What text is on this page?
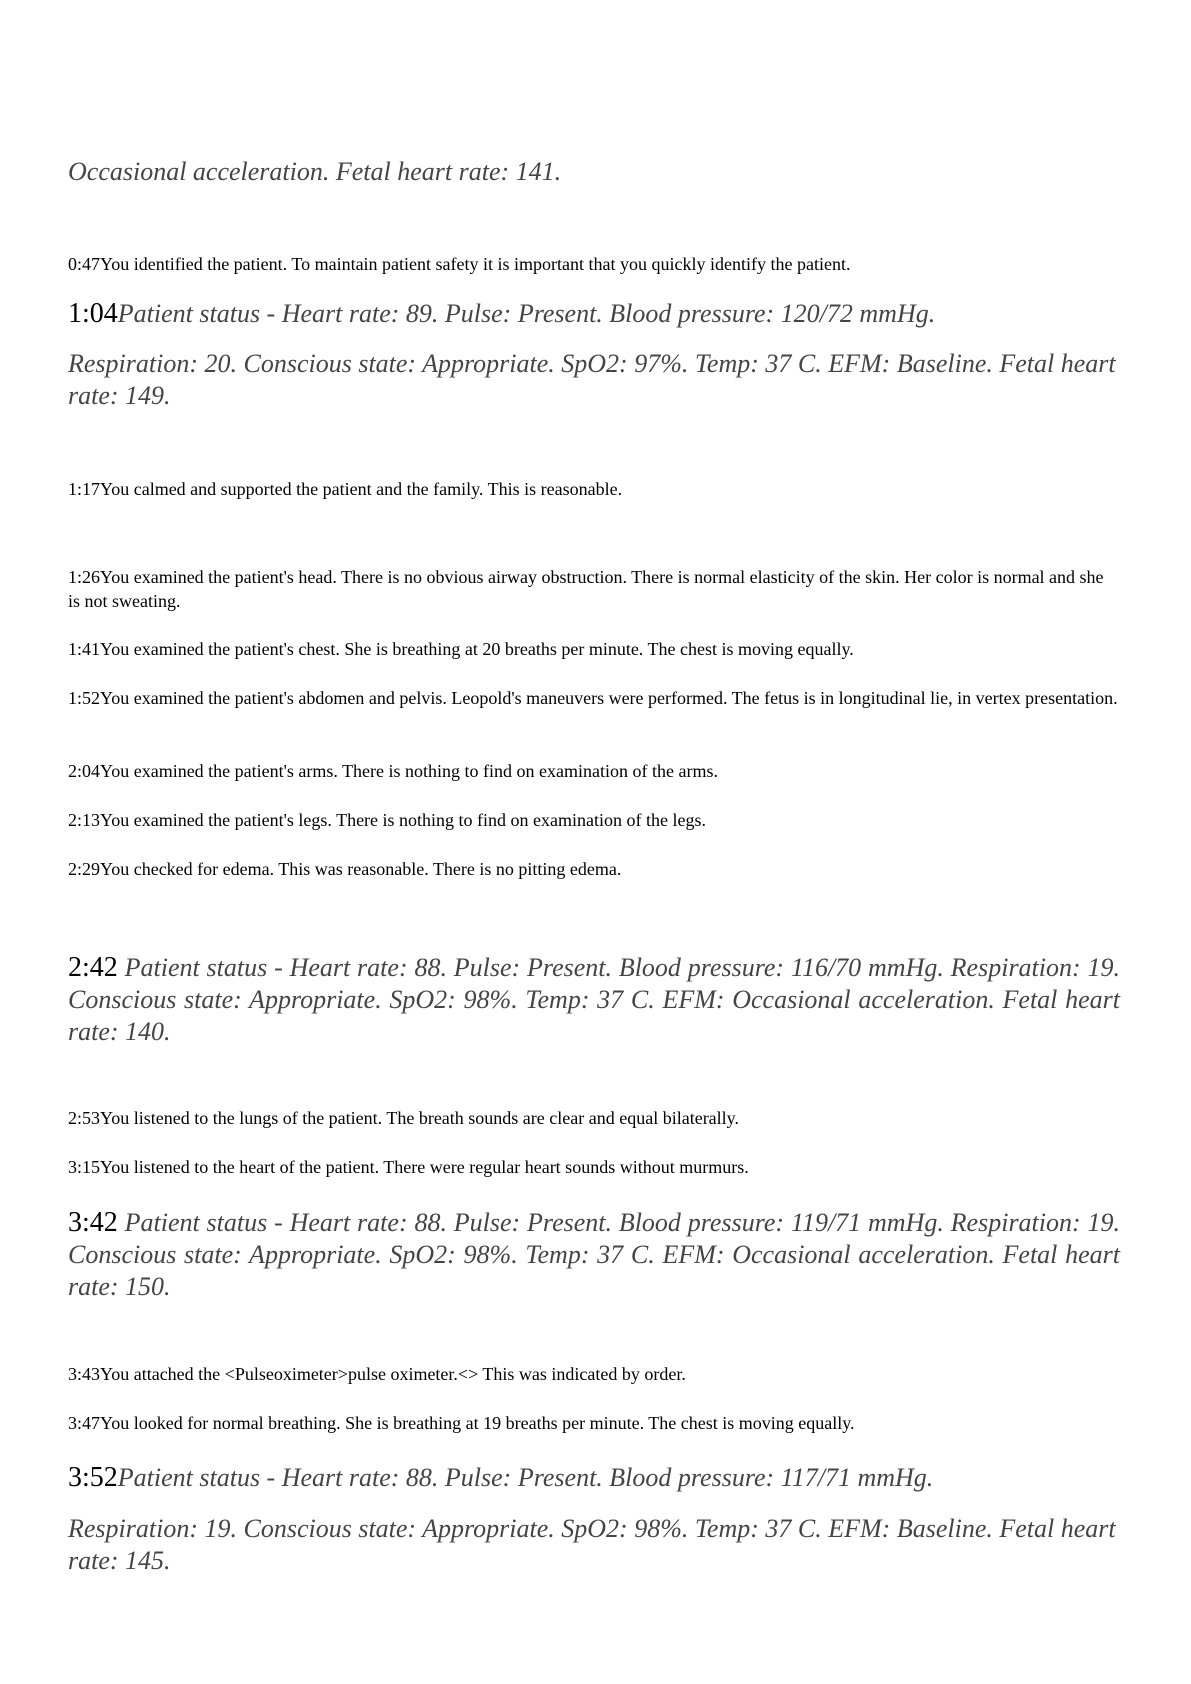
Occasional acceleration. Fetal heart rate: 141.
0:47You identified the patient. To maintain patient safety it is important that you quickly identify the patient.
1:04Patient status - Heart rate: 89. Pulse: Present. Blood pressure: 120/72 mmHg.
Respiration: 20. Conscious state: Appropriate. SpO2: 97%. Temp: 37 C. EFM: Baseline. Fetal heart rate: 149.
1:17You calmed and supported the patient and the family. This is reasonable.
1:26You examined the patient's head. There is no obvious airway obstruction. There is normal elasticity of the skin. Her color is normal and she is not sweating.
1:41You examined the patient's chest. She is breathing at 20 breaths per minute. The chest is moving equally.
1:52You examined the patient's abdomen and pelvis. Leopold's maneuvers were performed. The fetus is in longitudinal lie, in vertex presentation.
2:04You examined the patient's arms. There is nothing to find on examination of the arms.
2:13You examined the patient's legs. There is nothing to find on examination of the legs.
2:29You checked for edema. This was reasonable. There is no pitting edema.
2:42 Patient status - Heart rate: 88. Pulse: Present. Blood pressure: 116/70 mmHg. Respiration: 19. Conscious state: Appropriate. SpO2: 98%. Temp: 37 C. EFM: Occasional acceleration. Fetal heart rate: 140.
2:53You listened to the lungs of the patient. The breath sounds are clear and equal bilaterally.
3:15You listened to the heart of the patient. There were regular heart sounds without murmurs.
3:42 Patient status - Heart rate: 88. Pulse: Present. Blood pressure: 119/71 mmHg. Respiration: 19. Conscious state: Appropriate. SpO2: 98%. Temp: 37 C. EFM: Occasional acceleration. Fetal heart rate: 150.
3:43You attached the <Pulseoximeter>pulse oximeter.<> This was indicated by order.
3:47You looked for normal breathing. She is breathing at 19 breaths per minute. The chest is moving equally.
3:52Patient status - Heart rate: 88. Pulse: Present. Blood pressure: 117/71 mmHg.
Respiration: 19. Conscious state: Appropriate. SpO2: 98%. Temp: 37 C. EFM: Baseline. Fetal heart rate: 145.
